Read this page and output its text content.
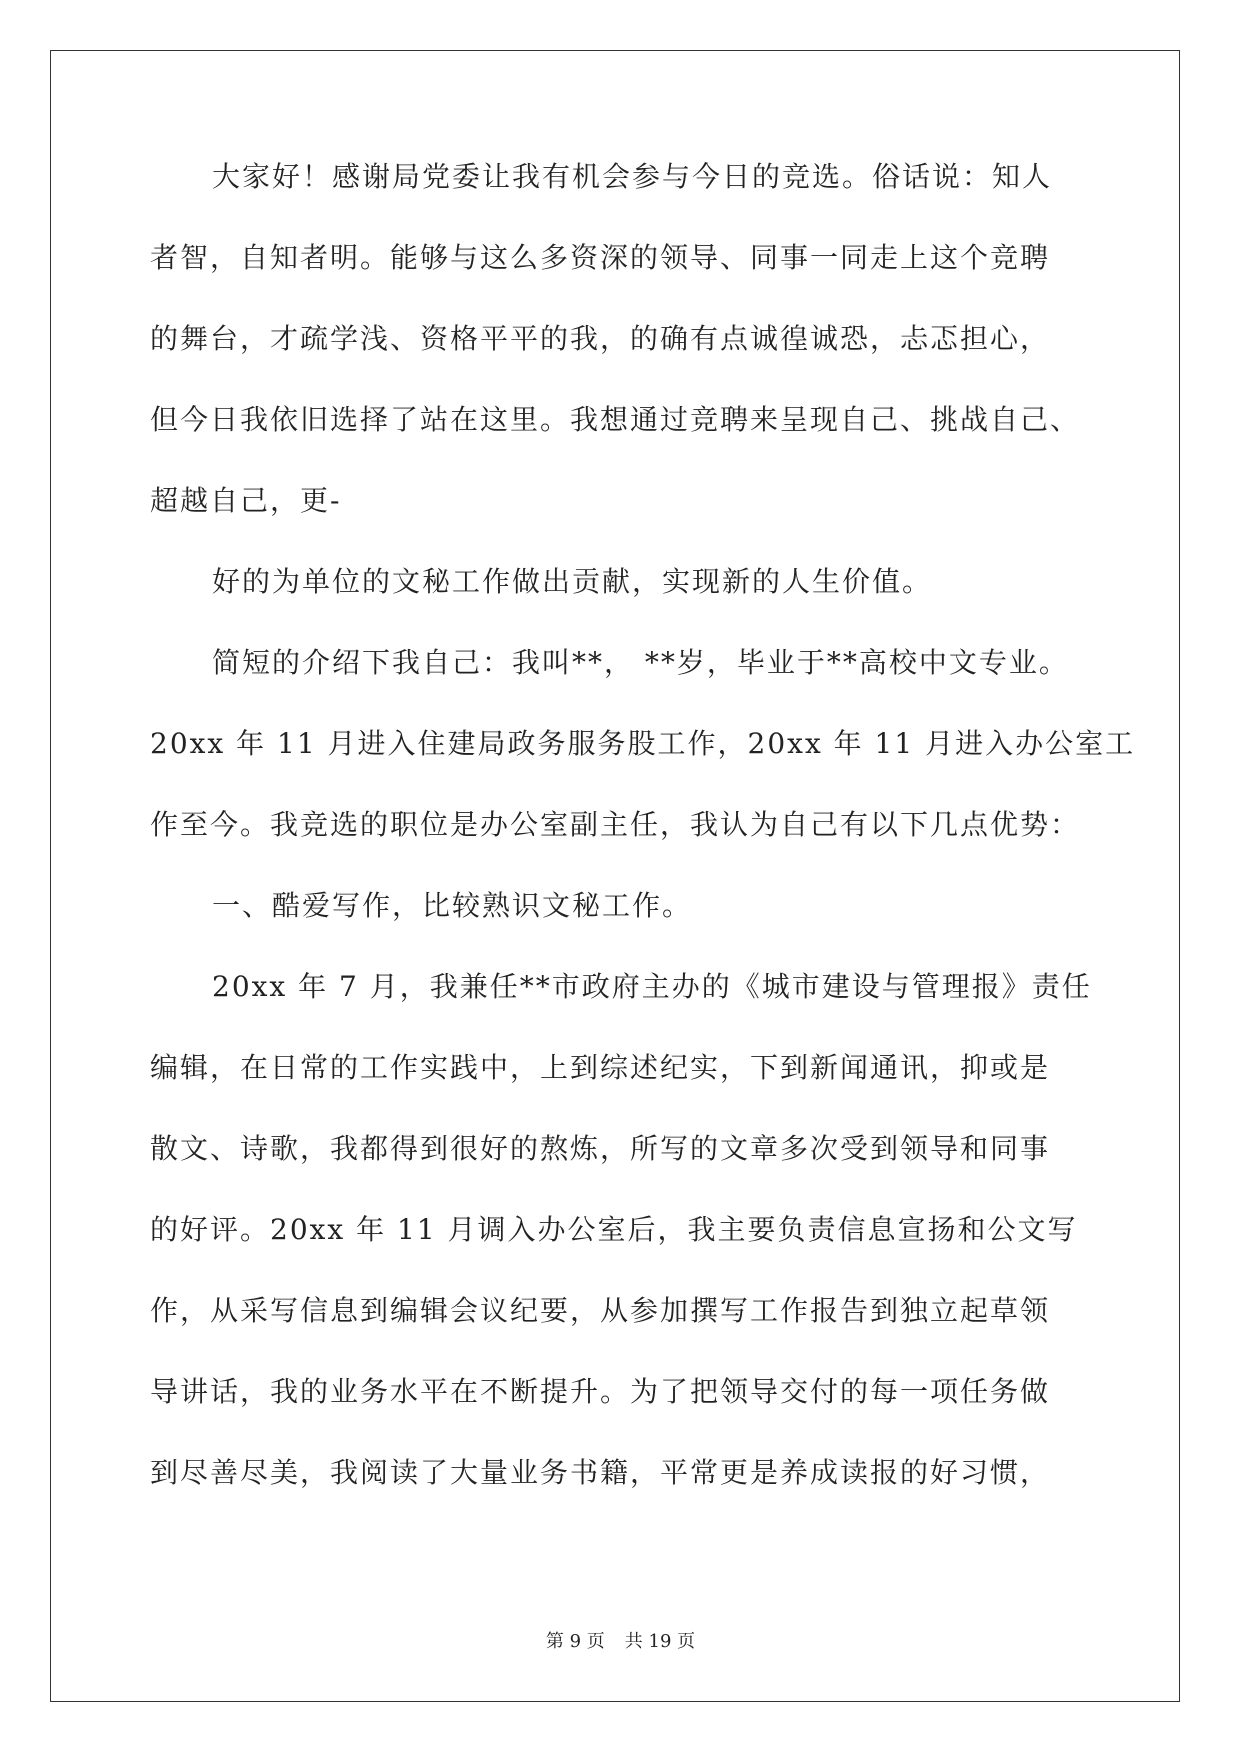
大家好！感谢局党委让我有机会参与今日的竞选。俗话说：知人
者智，自知者明。能够与这么多资深的领导、同事一同走上这个竞聘
的舞台，才疏学浅、资格平平的我，的确有点诚徨诚恐，忐忑担心，
但今日我依旧选择了站在这里。我想通过竞聘来呈现自己、挑战自己、
超越自己，更-
好的为单位的文秘工作做出贡献，实现新的人生价值。
简短的介绍下我自己：我叫**， **岁，毕业于**高校中文专业。
20xx 年 11 月进入住建局政务服务股工作，20xx 年 11 月进入办公室工
作至今。我竞选的职位是办公室副主任，我认为自己有以下几点优势：
一、酷爱写作，比较熟识文秘工作。
20xx 年 7 月，我兼任**市政府主办的《城市建设与管理报》责任
编辑，在日常的工作实践中，上到综述纪实，下到新闻通讯，抑或是
散文、诗歌，我都得到很好的熬炼，所写的文章多次受到领导和同事
的好评。20xx 年 11 月调入办公室后，我主要负责信息宣扬和公文写
作，从采写信息到编辑会议纪要，从参加撰写工作报告到独立起草领
导讲话，我的业务水平在不断提升。为了把领导交付的每一项任务做
到尽善尽美，我阅读了大量业务书籍，平常更是养成读报的好习惯，
第 9 页 共 19 页
